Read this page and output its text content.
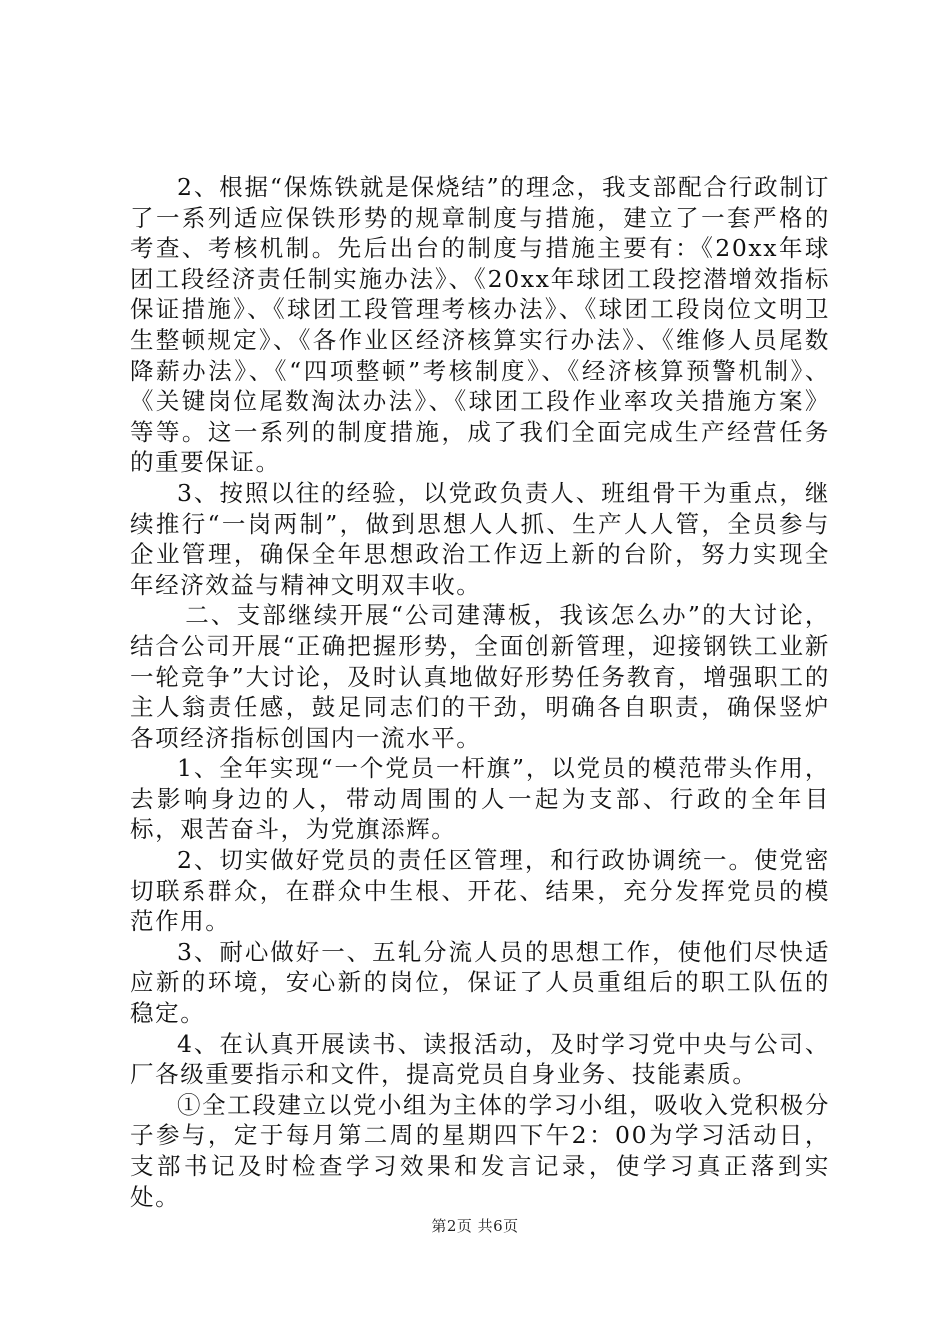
2、根据“保炼铁就是保烧结”的理念，我支部配合行政制订了一系列适应保铁形势的规章制度与措施，建立了一套严格的考查、考核机制。先后出台的制度与措施主要有：《20xx年球团工段经济责任制实施办法》、《20xx年球团工段挖潜增效指标保证措施》、《球团工段管理考核办法》、《球团工段岗位文明卫生整顿规定》、《各作业区经济核算实行办法》、《维修人员尾数降薪办法》、《“四项整顿”考核制度》、《经济核算预警机制》、《关键岗位尾数淘汰办法》、《球团工段作业率攻关措施方案》等等。这一系列的制度措施，成了我们全面完成生产经营任务的重要保证。

3、按照以往的经验，以党政负责人、班组骨干为重点，继续推行“一岗两制”，做到思想人人抓、生产人人管，全员参与企业管理，确保全年思想政治工作迈上新的台阶，努力实现全年经济效益与精神文明双丰收。

二、支部继续开展“公司建薄板，我该怎么办”的大讨论，结合公司开展“正确把握形势，全面创新管理，迎接钢铁工业新一轮竞争”大讨论，及时认真地做好形势任务教育，增强职工的主人翁责任感，鼓足同志们的干劲，明确各自职责，确保竖炉各项经济指标创国内一流水平。

1、全年实现“一个党员一杆旗”，以党员的模范带头作用，去影响身边的人，带动周围的人一起为支部、行政的全年目标，艰苦奋斗，为党旗添辉。

2、切实做好党员的责任区管理，和行政协调统一。使党密切联系群众，在群众中生根、开花、结果，充分发挥党员的模范作用。

3、耐心做好一、五轧分流人员的思想工作，使他们尽快适应新的环境，安心新的岗位，保证了人员重组后的职工队伍的稳定。

4、在认真开展读书、读报活动，及时学习党中央与公司、厂各级重要指示和文件，提高党员自身业务、技能素质。

①全工段建立以党小组为主体的学习小组，吸收入党积极分子参与，定于每月第二周的星期四下午2：00为学习活动日，支部书记及时检查学习效果和发言记录，使学习真正落到实处。

第2页 共6页
